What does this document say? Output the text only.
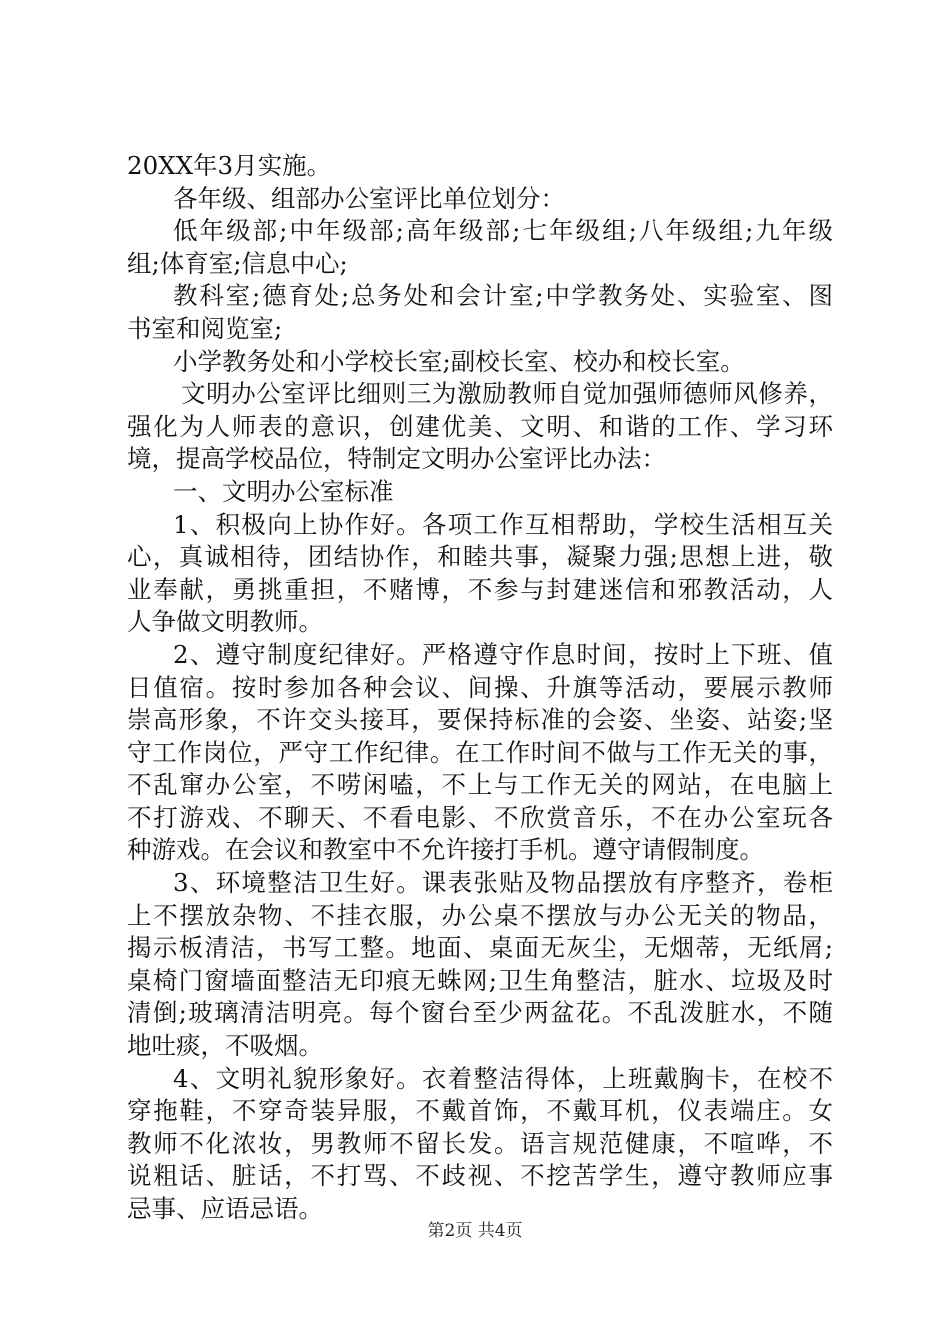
20XX年3月实施。
各年级、组部办公室评比单位划分：
低年级部;中年级部;高年级部;七年级组;八年级组;九年级
组;体育室;信息中心;
教科室;德育处;总务处和会计室;中学教务处、实验室、图
书室和阅览室;
小学教务处和小学校长室;副校长室、校办和校长室。
文明办公室评比细则三为激励教师自觉加强师德师风修养，
强化为人师表的意识，创建优美、文明、和谐的工作、学习环
境，提高学校品位，特制定文明办公室评比办法：
一、文明办公室标准
1、积极向上协作好。各项工作互相帮助，学校生活相互关
心，真诚相待，团结协作，和睦共事，凝聚力强;思想上进，敬
业奉献，勇挑重担，不赌博，不参与封建迷信和邪教活动，人
人争做文明教师。
2、遵守制度纪律好。严格遵守作息时间，按时上下班、值
日值宿。按时参加各种会议、间操、升旗等活动，要展示教师
崇高形象，不许交头接耳，要保持标准的会姿、坐姿、站姿;坚
守工作岗位，严守工作纪律。在工作时间不做与工作无关的事，
不乱窜办公室，不唠闲嗑，不上与工作无关的网站，在电脑上
不打游戏、不聊天、不看电影、不欣赏音乐，不在办公室玩各
种游戏。在会议和教室中不允许接打手机。遵守请假制度。
3、环境整洁卫生好。课表张贴及物品摆放有序整齐，卷柜
上不摆放杂物、不挂衣服，办公桌不摆放与办公无关的物品，
揭示板清洁，书写工整。地面、桌面无灰尘，无烟蒂，无纸屑;
桌椅门窗墙面整洁无印痕无蛛网;卫生角整洁，脏水、垃圾及时
清倒;玻璃清洁明亮。每个窗台至少两盆花。不乱泼脏水，不随
地吐痰，不吸烟。
4、文明礼貌形象好。衣着整洁得体，上班戴胸卡，在校不
穿拖鞋，不穿奇装异服，不戴首饰，不戴耳机，仪表端庄。女
教师不化浓妆，男教师不留长发。语言规范健康，不喧哗，不
说粗话、脏话，不打骂、不歧视、不挖苦学生，遵守教师应事
忌事、应语忌语。
第2页 共4页
